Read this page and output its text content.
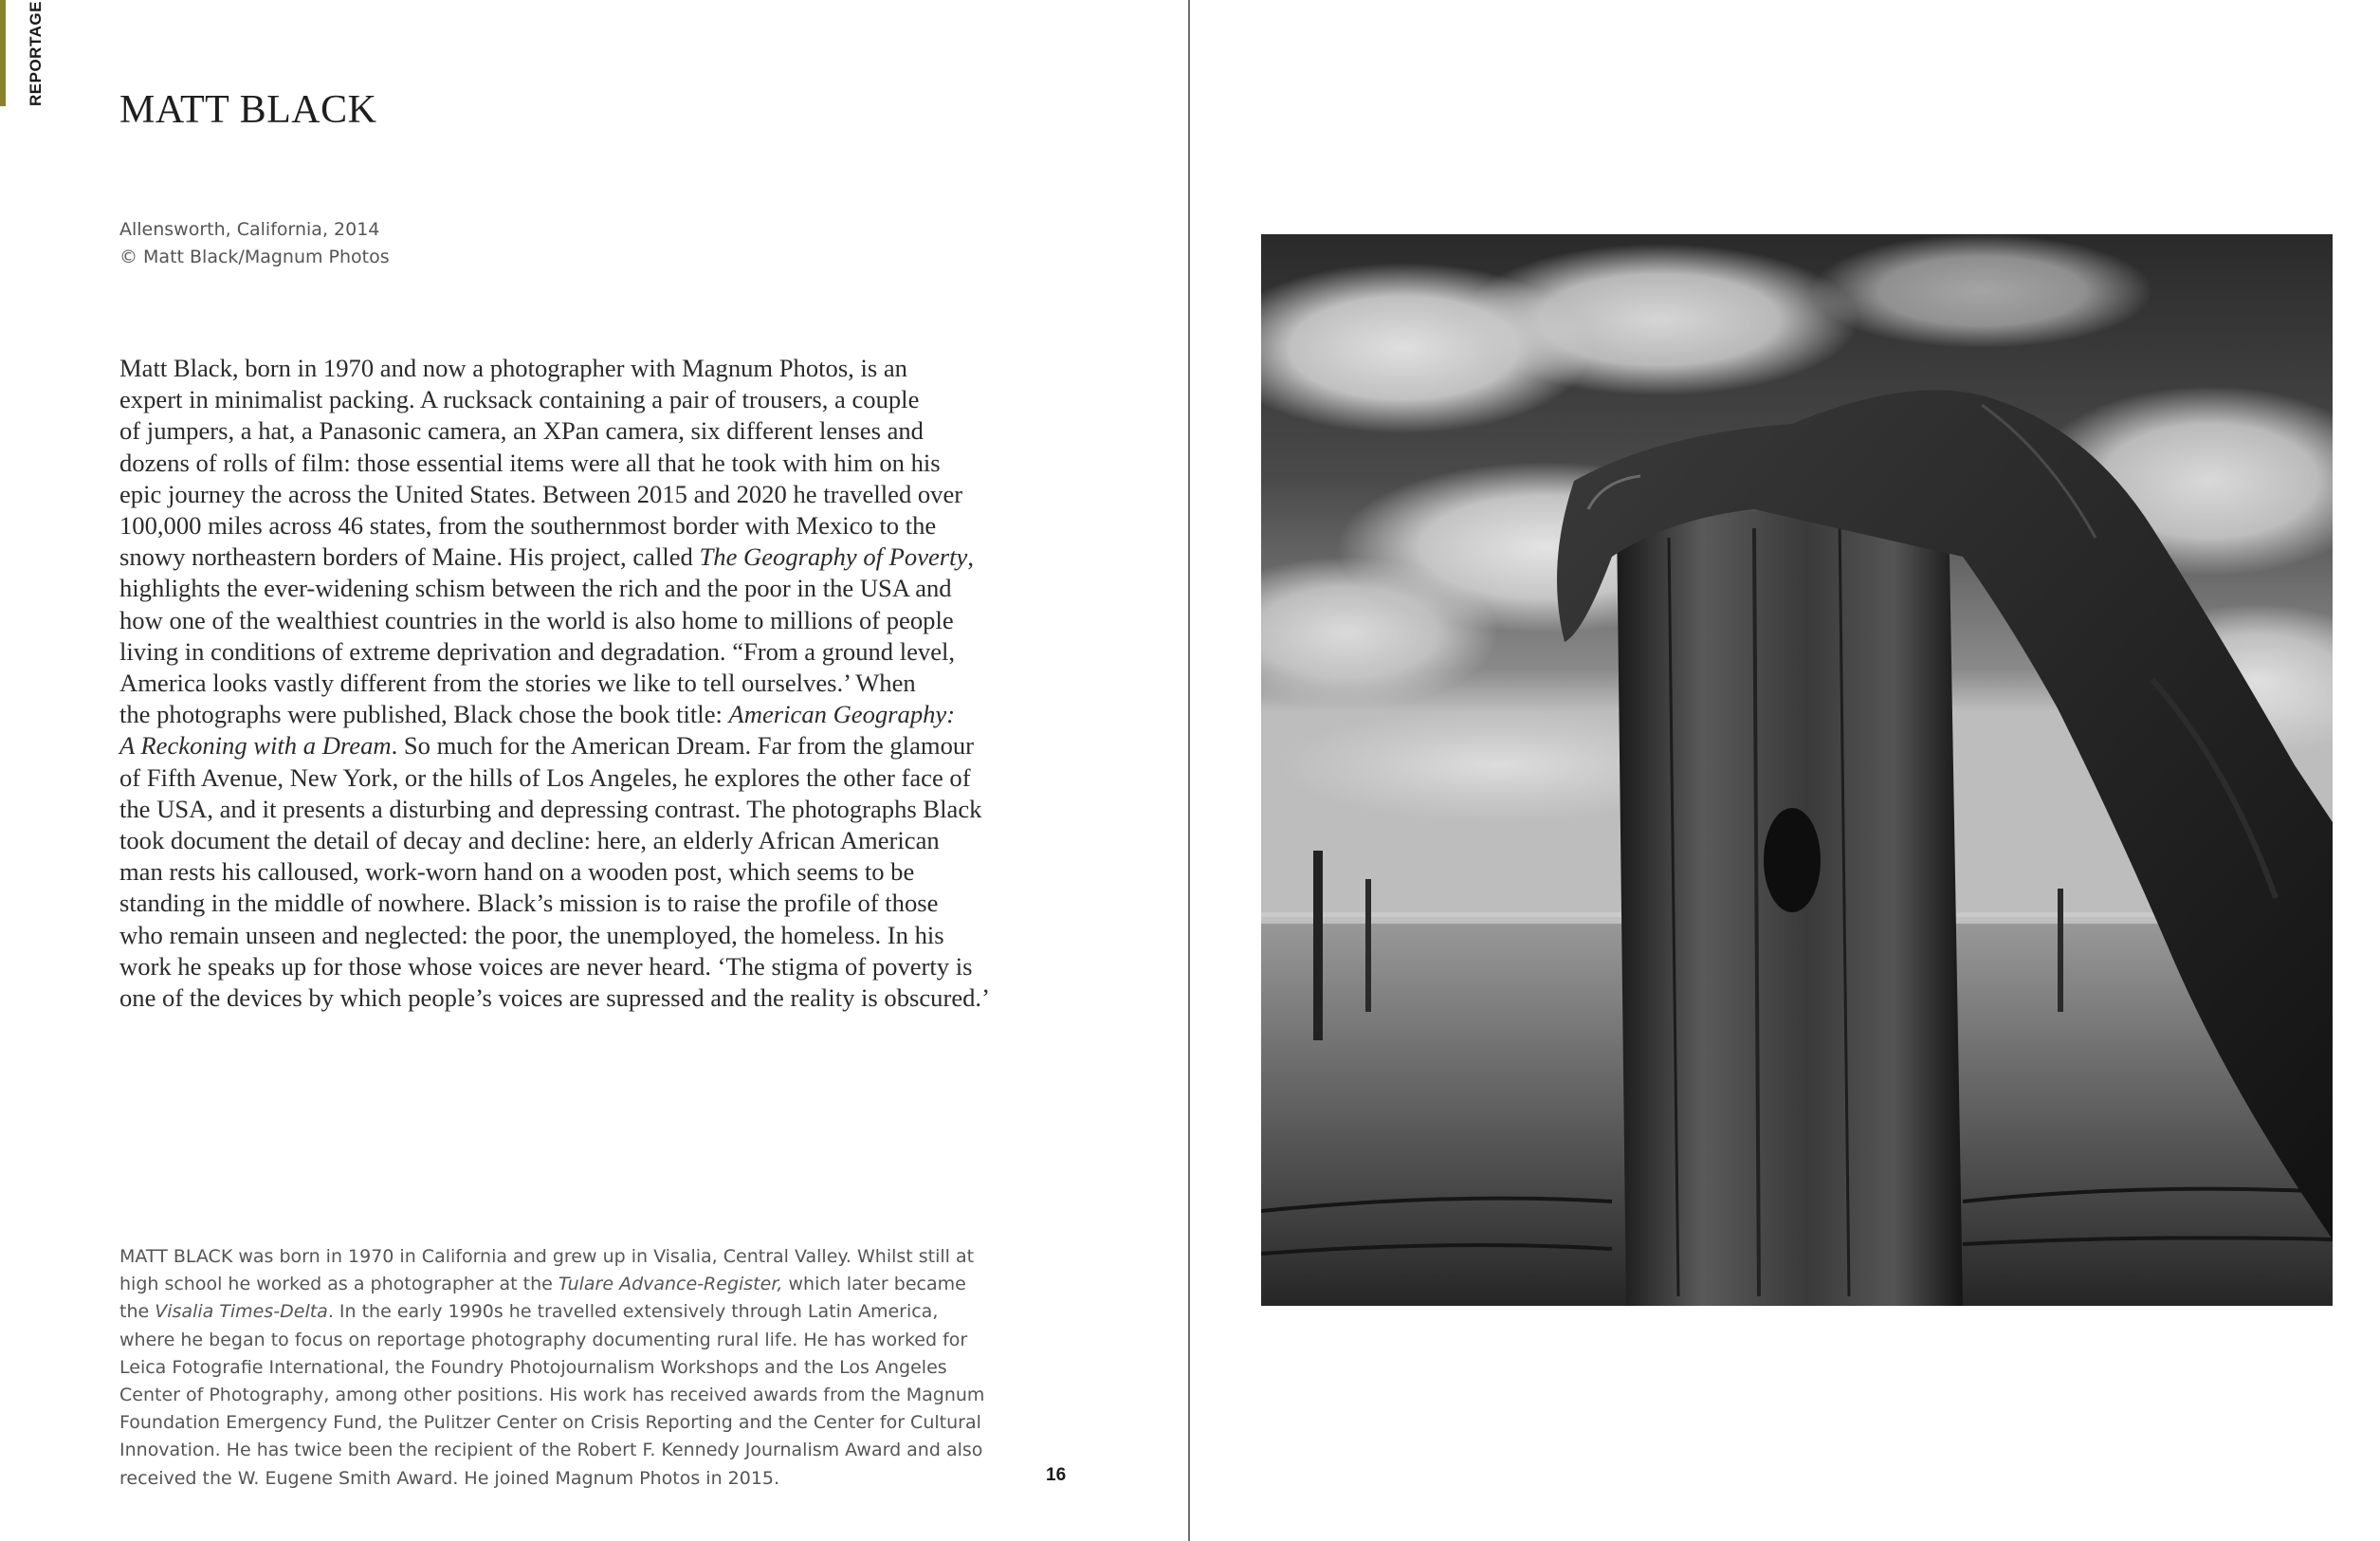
REPORTAGE
MATT BLACK
Allensworth, California, 2014
© Matt Black/Magnum Photos
Matt Black, born in 1970 and now a photographer with Magnum Photos, is an
expert in minimalist packing. A rucksack containing a pair of trousers, a couple
of jumpers, a hat, a Panasonic camera, an XPan camera, six different lenses and
dozens of rolls of film: those essential items were all that he took with him on his
epic journey the across the United States. Between 2015 and 2020 he travelled over
100,000 miles across 46 states, from the southernmost border with Mexico to the
snowy northeastern borders of Maine. His project, called The Geography of Poverty,
highlights the ever-widening schism between the rich and the poor in the USA and
how one of the wealthiest countries in the world is also home to millions of people
living in conditions of extreme deprivation and degradation. “From a ground level,
America looks vastly different from the stories we like to tell ourselves.’ When
the photographs were published, Black chose the book title: American Geography:
A Reckoning with a Dream. So much for the American Dream. Far from the glamour
of Fifth Avenue, New York, or the hills of Los Angeles, he explores the other face of
the USA, and it presents a disturbing and depressing contrast. The photographs Black
took document the detail of decay and decline: here, an elderly African American
man rests his calloused, work-worn hand on a wooden post, which seems to be
standing in the middle of nowhere. Black’s mission is to raise the profile of those
who remain unseen and neglected: the poor, the unemployed, the homeless. In his
work he speaks up for those whose voices are never heard. ‘The stigma of poverty is
one of the devices by which people’s voices are supressed and the reality is obscured.’
MATT BLACK was born in 1970 in California and grew up in Visalia, Central Valley. Whilst still at
high school he worked as a photographer at the Tulare Advance-Register, which later became
the Visalia Times-Delta. In the early 1990s he travelled extensively through Latin America,
where he began to focus on reportage photography documenting rural life. He has worked for
Leica Fotografie International, the Foundry Photojournalism Workshops and the Los Angeles
Center of Photography, among other positions. His work has received awards from the Magnum
Foundation Emergency Fund, the Pulitzer Center on Crisis Reporting and the Center for Cultural
Innovation. He has twice been the recipient of the Robert F. Kennedy Journalism Award and also
received the W. Eugene Smith Award. He joined Magnum Photos in 2015.	16
